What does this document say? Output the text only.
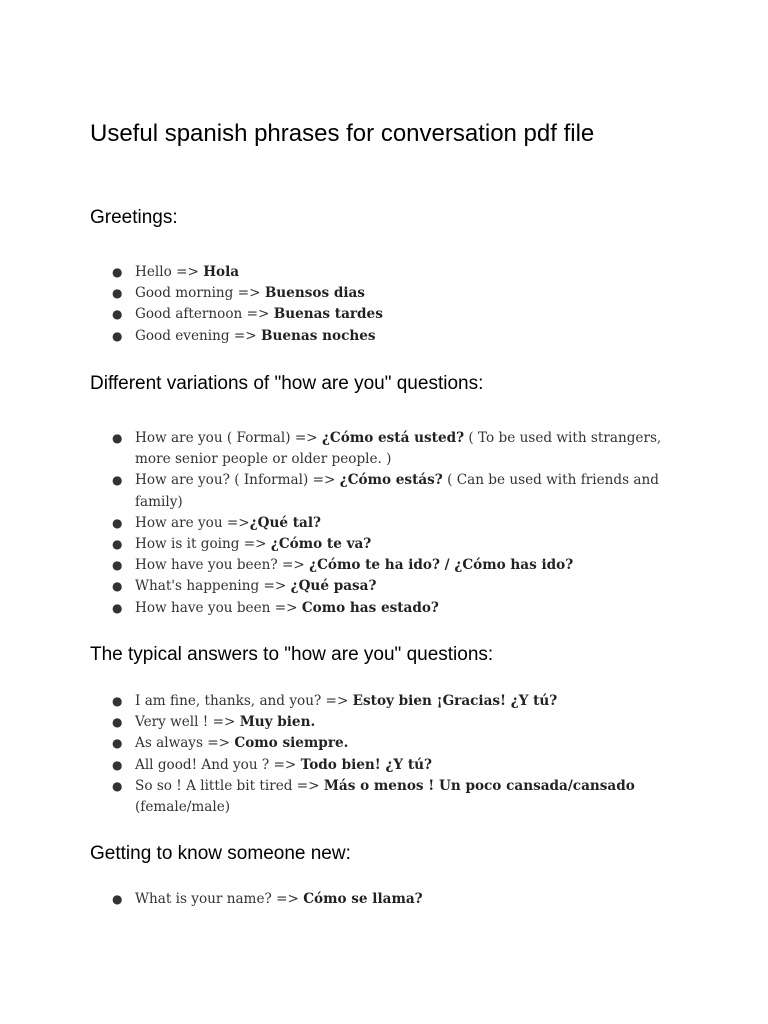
Useful spanish phrases for conversation pdf file
Greetings:
● Hello => Hola
● Good morning => Buensos dias
● Good afternoon => Buenas tardes
● Good evening => Buenas noches
Different variations of "how are you" questions:
● How are you ( Formal) => ¿Cómo está usted? ( To be used with strangers, more senior people or older people. )
● How are you? ( Informal) => ¿Cómo estás? ( Can be used with friends and family)
● How are you =>¿Qué tal?
● How is it going => ¿Cómo te va?
● How have you been? => ¿Cómo te ha ido? / ¿Cómo has ido?
● What's happening => ¿Qué pasa?
● How have you been => Como has estado?
The typical answers to "how are you" questions:
● I am fine, thanks, and you? => Estoy bien ¡Gracias! ¿Y tú?
● Very well ! => Muy bien.
● As always => Como siempre.
● All good! And you ? => Todo bien! ¿Y tú?
● So so ! A little bit tired => Más o menos ! Un poco cansada/cansado (female/male)
Getting to know someone new:
● What is your name? => Cómo se llama?
